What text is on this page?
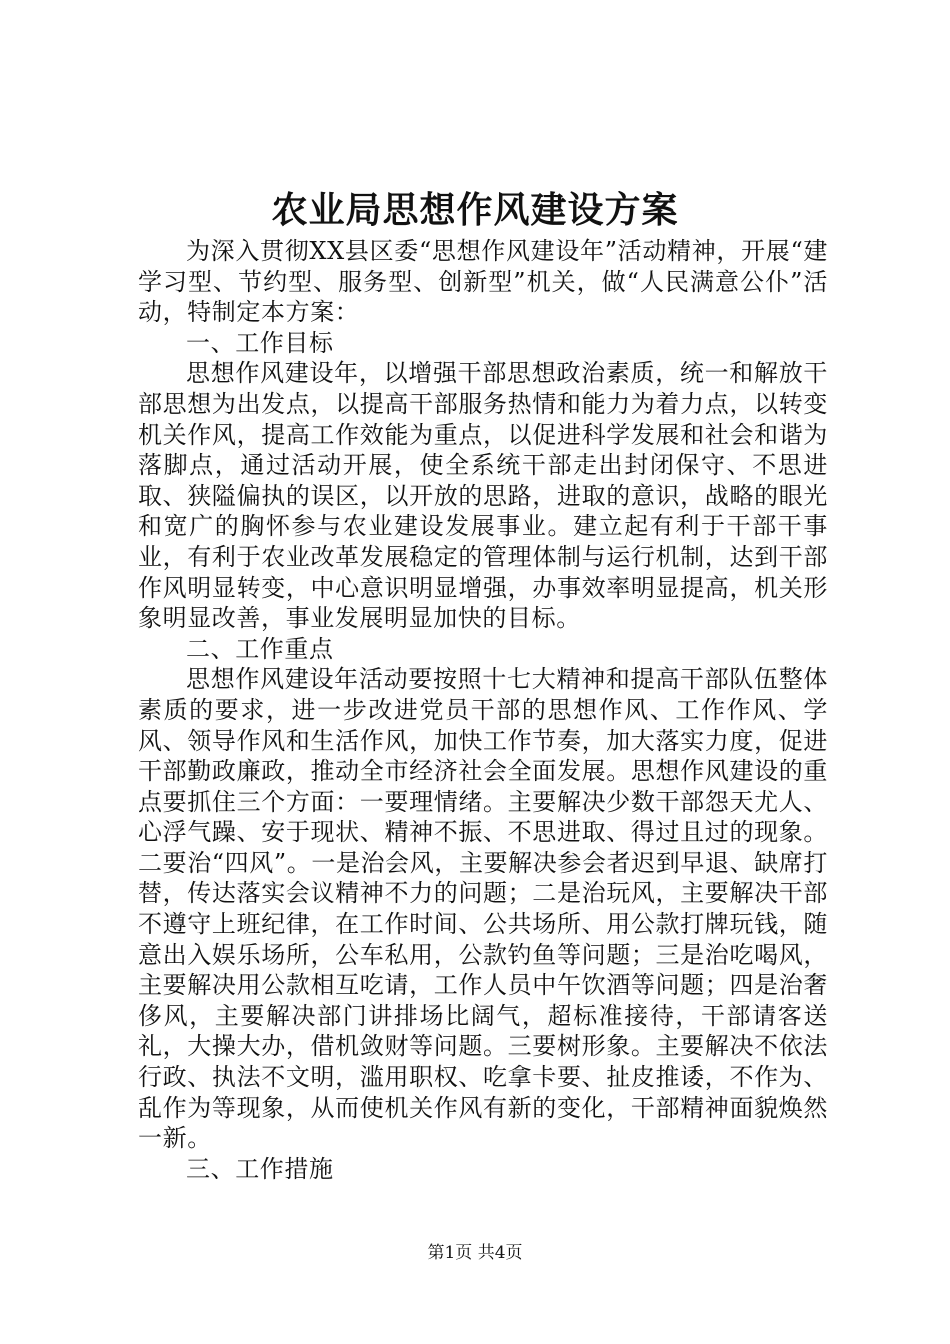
农业局思想作风建设方案

为深入贯彻XX县区委“思想作风建设年”活动精神，开展“建学习型、节约型、服务型、创新型”机关，做“人民满意公仆”活动，特制定本方案：

一、工作目标

思想作风建设年，以增强干部思想政治素质，统一和解放干部思想为出发点，以提高干部服务热情和能力为着力点，以转变机关作风，提高工作效能为重点，以促进科学发展和社会和谐为落脚点，通过活动开展，使全系统干部走出封闭保守、不思进取、狭隘偏执的误区，以开放的思路，进取的意识，战略的眼光和宽广的胸怀参与农业建设发展事业。建立起有利于干部干事业，有利于农业改革发展稳定的管理体制与运行机制，达到干部作风明显转变，中心意识明显增强，办事效率明显提高，机关形象明显改善，事业发展明显加快的目标。

二、工作重点

思想作风建设年活动要按照十七大精神和提高干部队伍整体素质的要求，进一步改进党员干部的思想作风、工作作风、学风、领导作风和生活作风，加快工作节奏，加大落实力度，促进干部勤政廉政，推动全市经济社会全面发展。思想作风建设的重点要抓住三个方面：一要理情绪。主要解决少数干部怨天尤人、心浮气躁、安于现状、精神不振、不思进取、得过且过的现象。二要治“四风”。一是治会风，主要解决参会者迟到早退、缺席打替，传达落实会议精神不力的问题；二是治玩风，主要解决干部不遵守上班纪律，在工作时间、公共场所、用公款打牌玩钱，随意出入娱乐场所，公车私用，公款钓鱼等问题；三是治吃喝风，主要解决用公款相互吃请，工作人员中午饮酒等问题；四是治奢侈风，主要解决部门讲排场比阔气，超标准接待，干部请客送礼，大操大办，借机敛财等问题。三要树形象。主要解决不依法行政、执法不文明，滥用职权、吃拿卡要、扯皮推诿，不作为、乱作为等现象，从而使机关作风有新的变化，干部精神面貌焕然一新。

三、工作措施

第1页 共4页
